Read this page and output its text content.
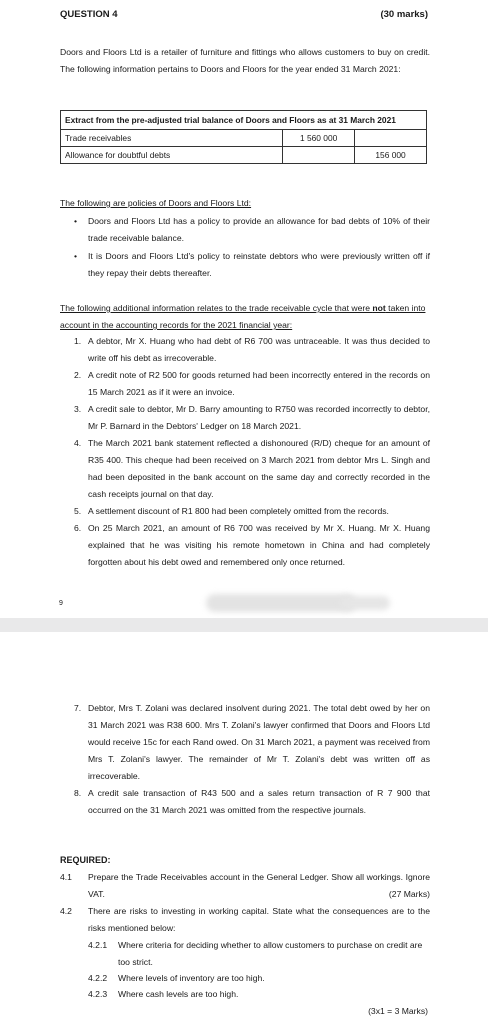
QUESTION 4	(30 marks)
Doors and Floors Ltd is a retailer of furniture and fittings who allows customers to buy on credit. The following information pertains to Doors and Floors for the year ended 31 March 2021:
Extract from the pre-adjusted trial balance of Doors and Floors as at 31 March 2021		
Trade receivables	1 560 000	
Allowance for doubtful debts		156 000
The following are policies of Doors and Floors Ltd:
• Doors and Floors Ltd has a policy to provide an allowance for bad debts of 10% of their trade receivable balance.
• It is Doors and Floors Ltd's policy to reinstate debtors who were previously written off if they repay their debts thereafter.
The following additional information relates to the trade receivable cycle that were not taken into account in the accounting records for the 2021 financial year:
1. A debtor, Mr X. Huang who had debt of R6 700 was untraceable. It was thus decided to write off his debt as irrecoverable.
2. A credit note of R2 500 for goods returned had been incorrectly entered in the records on 15 March 2021 as if it were an invoice.
3. A credit sale to debtor, Mr D. Barry amounting to R750 was recorded incorrectly to debtor, Mr P. Barnard in the Debtors' Ledger on 18 March 2021.
4. The March 2021 bank statement reflected a dishonoured (R/D) cheque for an amount of R35 400. This cheque had been received on 3 March 2021 from debtor Mrs L. Singh and had been deposited in the bank account on the same day and correctly recorded in the cash receipts journal on that day.
5. A settlement discount of R1 800 had been completely omitted from the records.
6. On 25 March 2021, an amount of R6 700 was received by Mr X. Huang. Mr X. Huang explained that he was visiting his remote hometown in China and had completely forgotten about his debt owed and remembered only once returned.
9
7. Debtor, Mrs T. Zolani was declared insolvent during 2021. The total debt owed by her on 31 March 2021 was R38 600. Mrs T. Zolani's lawyer confirmed that Doors and Floors Ltd would receive 15c for each Rand owed. On 31 March 2021, a payment was received from Mrs T. Zolani's lawyer. The remainder of Mr T. Zolani's debt was written off as irrecoverable.
8. A credit sale transaction of R43 500 and a sales return transaction of R 7 900 that occurred on the 31 March 2021 was omitted from the respective journals.
REQUIRED:
4.1 Prepare the Trade Receivables account in the General Ledger. Show all workings. Ignore VAT.	(27 Marks)
4.2 There are risks to investing in working capital. State what the consequences are to the risks mentioned below:
4.2.1 Where criteria for deciding whether to allow customers to purchase on credit are too strict.
4.2.2 Where levels of inventory are too high.
4.2.3 Where cash levels are too high.
(3x1 = 3 Marks)
